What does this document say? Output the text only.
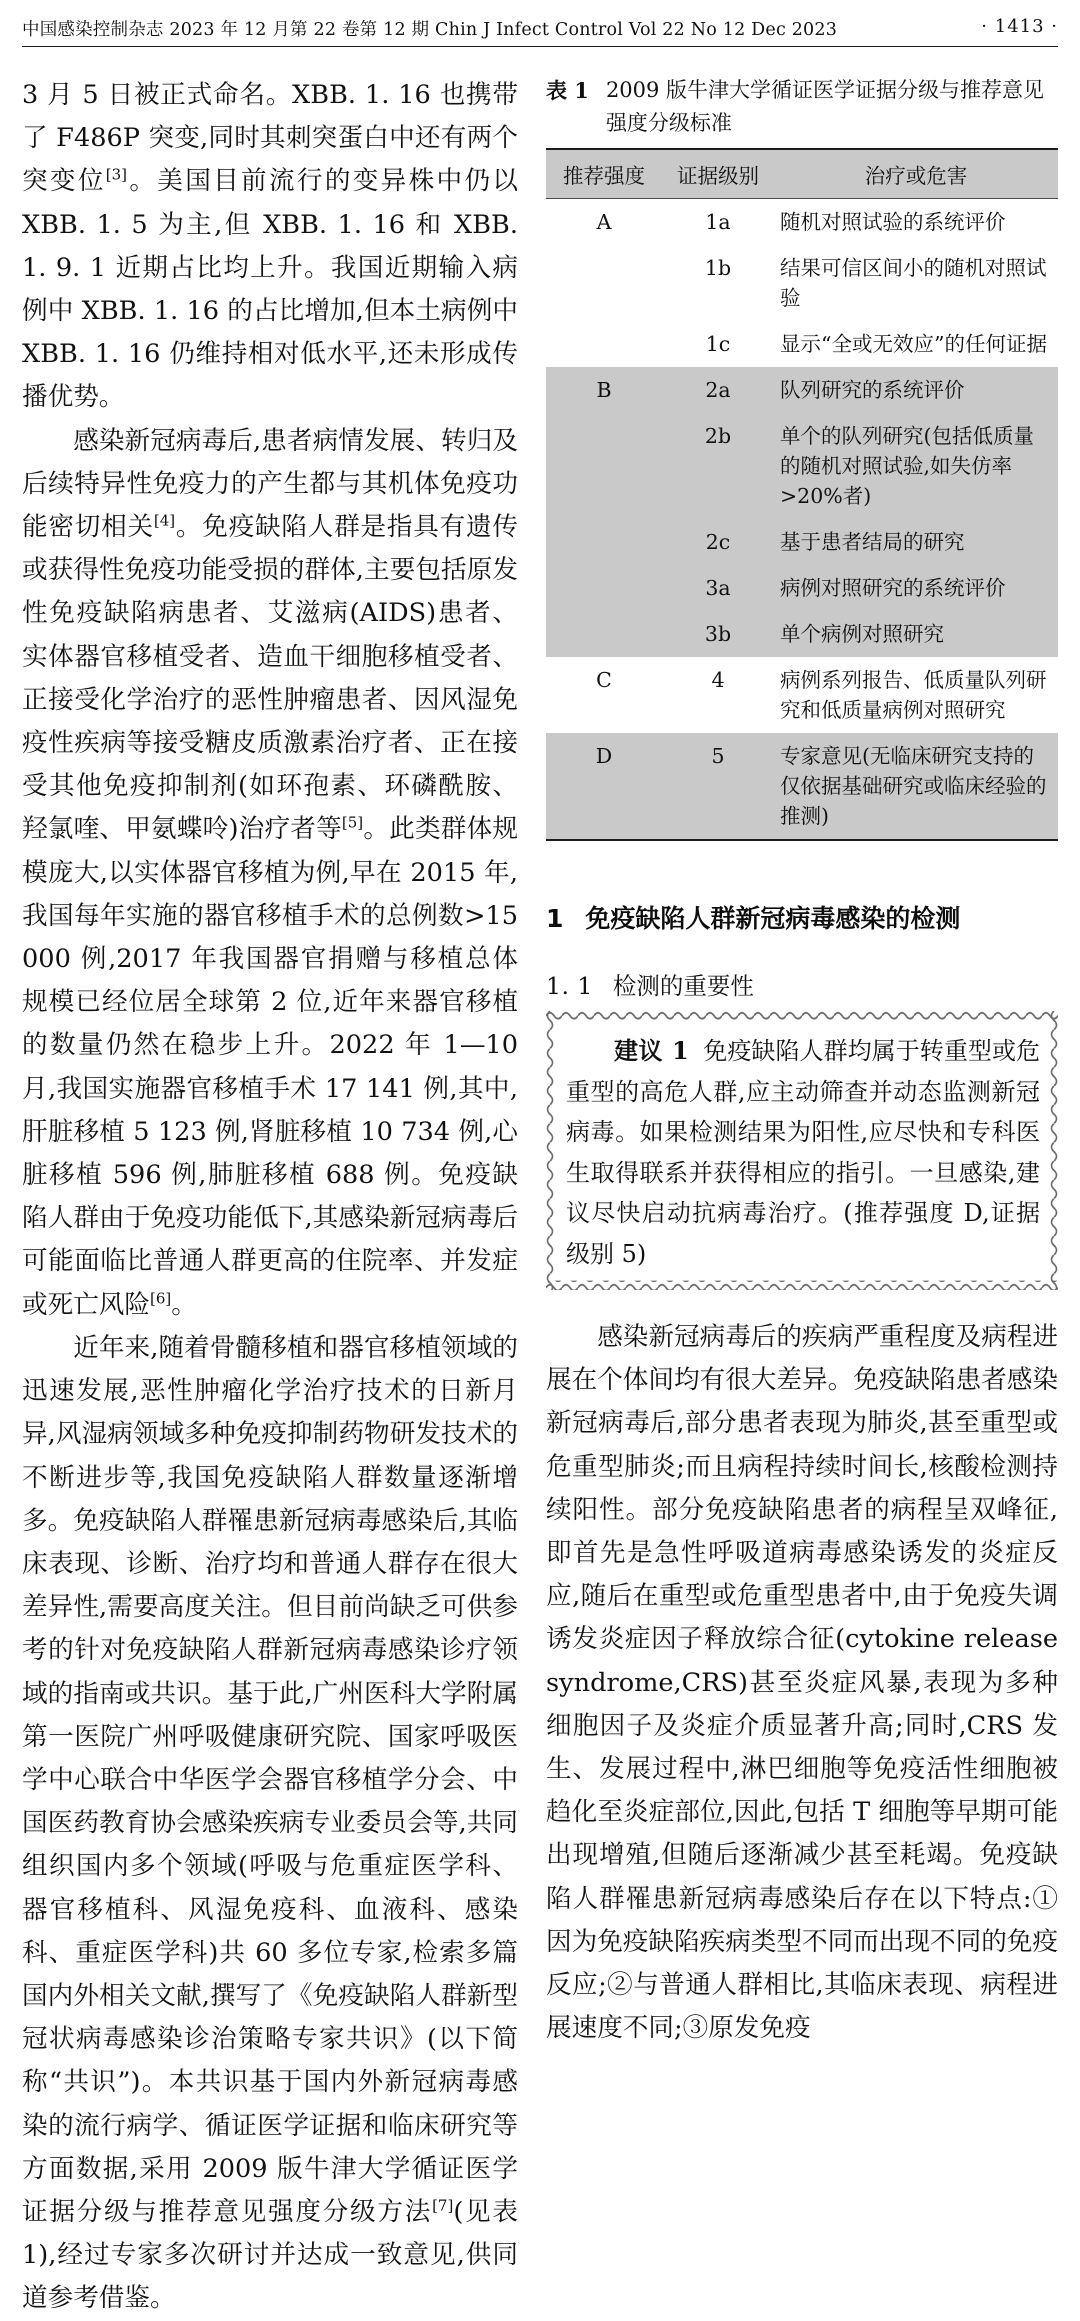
中国感染控制杂志 2023 年 12 月第 22 卷第 12 期 Chin J Infect Control Vol 22 No 12 Dec 2023	· 1413 ·

3 月 5 日被正式命名。XBB. 1. 16 也携带了 F486P 突变,同时其刺突蛋白中还有两个突变位[3]。美国目前流行的变异株中仍以 XBB. 1. 5 为主,但 XBB. 1. 16 和 XBB. 1. 9. 1 近期占比均上升。我国近期输入病例中 XBB. 1. 16 的占比增加,但本土病例中 XBB. 1. 16 仍维持相对低水平,还未形成传播优势。

感染新冠病毒后,患者病情发展、转归及后续特异性免疫力的产生都与其机体免疫功能密切相关[4]。免疫缺陷人群是指具有遗传或获得性免疫功能受损的群体,主要包括原发性免疫缺陷病患者、艾滋病(AIDS)患者、实体器官移植受者、造血干细胞移植受者、正接受化学治疗的恶性肿瘤患者、因风湿免疫性疾病等接受糖皮质激素治疗者、正在接受其他免疫抑制剂(如环孢素、环磷酰胺、羟氯喹、甲氨蝶呤)治疗者等[5]。此类群体规模庞大,以实体器官移植为例,早在 2015 年,我国每年实施的器官移植手术的总例数>15 000 例,2017 年我国器官捐赠与移植总体规模已经位居全球第 2 位,近年来器官移植的数量仍然在稳步上升。2022 年 1—10 月,我国实施器官移植手术 17 141 例,其中,肝脏移植 5 123 例,肾脏移植 10 734 例,心脏移植 596 例,肺脏移植 688 例。免疫缺陷人群由于免疫功能低下,其感染新冠病毒后可能面临比普通人群更高的住院率、并发症或死亡风险[6]。

近年来,随着骨髓移植和器官移植领域的迅速发展,恶性肿瘤化学治疗技术的日新月异,风湿病领域多种免疫抑制药物研发技术的不断进步等,我国免疫缺陷人群数量逐渐增多。免疫缺陷人群罹患新冠病毒感染后,其临床表现、诊断、治疗均和普通人群存在很大差异性,需要高度关注。但目前尚缺乏可供参考的针对免疫缺陷人群新冠病毒感染诊疗领域的指南或共识。基于此,广州医科大学附属第一医院广州呼吸健康研究院、国家呼吸医学中心联合中华医学会器官移植学分会、中国医药教育协会感染疾病专业委员会等,共同组织国内多个领域(呼吸与危重症医学科、器官移植科、风湿免疫科、血液科、感染科、重症医学科)共 60 多位专家,检索多篇国内外相关文献,撰写了《免疫缺陷人群新型冠状病毒感染诊治策略专家共识》(以下简称“共识”)。本共识基于国内外新冠病毒感染的流行病学、循证医学证据和临床研究等方面数据,采用 2009 版牛津大学循证医学证据分级与推荐意见强度分级方法[7](见表 1),经过专家多次研讨并达成一致意见,供同道参考借鉴。

表 1 2009 版牛津大学循证医学证据分级与推荐意见强度分级标准
推荐强度	证据级别	治疗或危害
A	1a	随机对照试验的系统评价
	1b	结果可信区间小的随机对照试验
	1c	显示“全或无效应”的任何证据
B	2a	队列研究的系统评价
	2b	单个的队列研究(包括低质量的随机对照试验,如失仿率>20%者)
	2c	基于患者结局的研究
	3a	病例对照研究的系统评价
	3b	单个病例对照研究
C	4	病例系列报告、低质量队列研究和低质量病例对照研究
D	5	专家意见(无临床研究支持的仅依据基础研究或临床经验的推测)
1 免疫缺陷人群新冠病毒感染的检测
1. 1 检测的重要性
建议 1 免疫缺陷人群均属于转重型或危重型的高危人群,应主动筛查并动态监测新冠病毒。如果检测结果为阳性,应尽快和专科医生取得联系并获得相应的指引。一旦感染,建议尽快启动抗病毒治疗。(推荐强度 D,证据级别 5)

感染新冠病毒后的疾病严重程度及病程进展在个体间均有很大差异。免疫缺陷患者感染新冠病毒后,部分患者表现为肺炎,甚至重型或危重型肺炎;而且病程持续时间长,核酸检测持续阳性。部分免疫缺陷患者的病程呈双峰征,即首先是急性呼吸道病毒感染诱发的炎症反应,随后在重型或危重型患者中,由于免疫失调诱发炎症因子释放综合征(cytokine release syndrome,CRS)甚至炎症风暴,表现为多种细胞因子及炎症介质显著升高;同时,CRS 发生、发展过程中,淋巴细胞等免疫活性细胞被趋化至炎症部位,因此,包括 T 细胞等早期可能出现增殖,但随后逐渐减少甚至耗竭。免疫缺陷人群罹患新冠病毒感染后存在以下特点:①因为免疫缺陷疾病类型不同而出现不同的免疫反应;②与普通人群相比,其临床表现、病程进展速度不同;③原发免疫
